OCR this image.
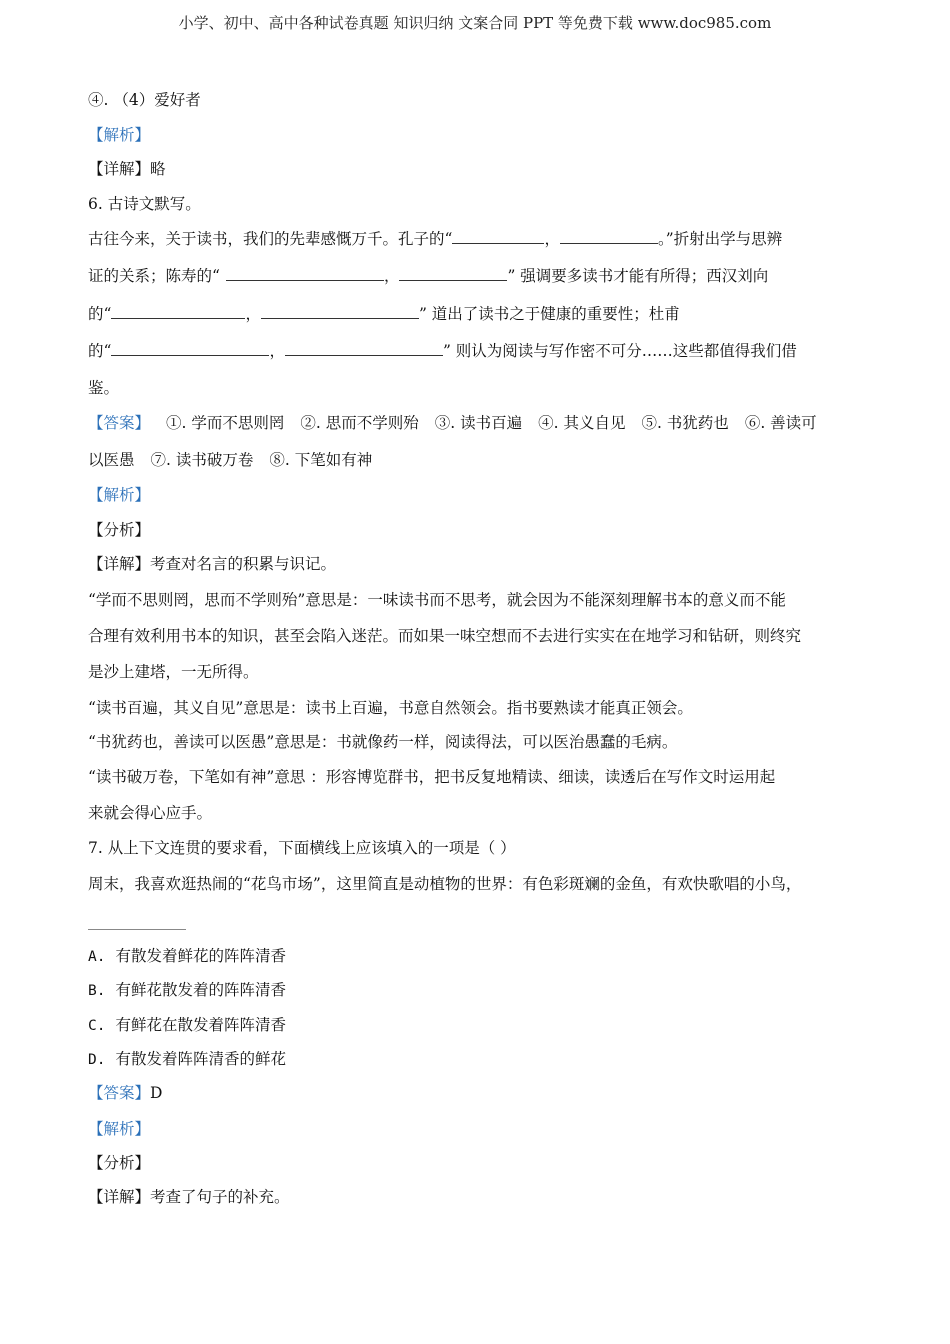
小学、初中、高中各种试卷真题 知识归纳 文案合同 PPT 等免费下载 www.doc985.com
④. （4）爱好者
【解析】
【详解】略
6. 古诗文默写。
古往今来，关于读书，我们的先辈感慨万千。孔子的“	，	。”折射出学与思辨
证的关系；陈寿的“	，	” 强调要多读书才能有所得；西汉刘向
的“	，	” 道出了读书之于健康的重要性；杜甫
的“	，	” 则认为阅读与写作密不可分……这些都值得我们借
鉴。
【答案】 ①. 学而不思则罔 ②. 思而不学则殆 ③. 读书百遍 ④. 其义自见 ⑤. 书犹药也 ⑥. 善读可
以医愚 ⑦. 读书破万卷 ⑧. 下笔如有神
【解析】
【分析】
【详解】考查对名言的积累与识记。
“学而不思则罔，思而不学则殆”意思是：一味读书而不思考，就会因为不能深刻理解书本的意义而不能
合理有效利用书本的知识，甚至会陷入迷茫。而如果一味空想而不去进行实实在在地学习和钻研，则终究
是沙上建塔，一无所得。
“读书百遍，其义自见”意思是：读书上百遍，书意自然领会。指书要熟读才能真正领会。
“书犹药也，善读可以医愚”意思是：书就像药一样，阅读得法，可以医治愚蠢的毛病。
“读书破万卷，下笔如有神”意思 ：形容博览群书，把书反复地精读、细读，读透后在写作文时运用起
来就会得心应手。
7. 从上下文连贯的要求看，下面横线上应该填入的一项是（ ）
周末，我喜欢逛热闹的“花鸟市场”，这里简直是动植物的世界：有色彩斑斓的金鱼，有欢快歌唱的小鸟，
A. 有散发着鲜花的阵阵清香
B. 有鲜花散发着的阵阵清香
C. 有鲜花在散发着阵阵清香
D. 有散发着阵阵清香的鲜花
【答案】D
【解析】
【分析】
【详解】考查了句子的补充。
